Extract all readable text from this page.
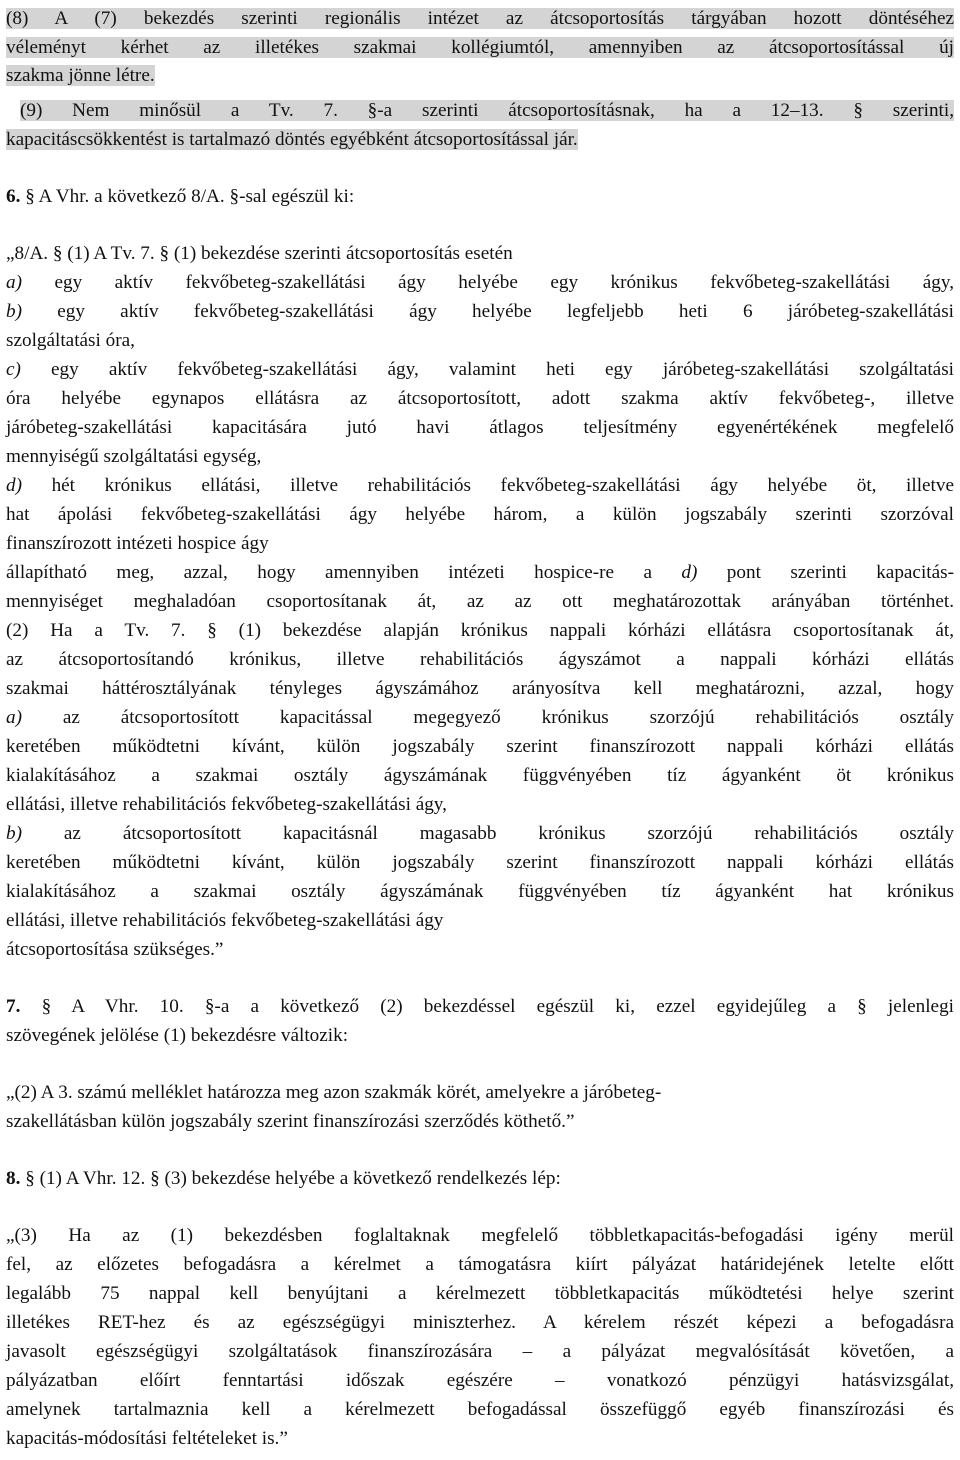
(8) A (7) bekezdés szerinti regionális intézet az átcsoportosítás tárgyában hozott döntéséhez
véleményt kérhet az illetékes szakmai kollégiumtól, amennyiben az átcsoportosítással új
szakma jönne létre.
(9) Nem minősül a Tv. 7. §-a szerinti átcsoportosításnak, ha a 12–13. § szerinti,
kapacitáscsökkentést is tartalmazó döntés egyébként átcsoportosítással jár.
6. § A Vhr. a következő 8/A. §-sal egészül ki:
„8/A. § (1) A Tv. 7. § (1) bekezdése szerinti átcsoportosítás esetén
a) egy aktív fekvőbeteg-szakellátási ágy helyébe egy krónikus fekvőbeteg-szakellátási ágy,
b) egy aktív fekvőbeteg-szakellátási ágy helyébe legfeljebb heti 6 járóbeteg-szakellátási
szolgáltatási óra,
c) egy aktív fekvőbeteg-szakellátási ágy, valamint heti egy járóbeteg-szakellátási szolgáltatási
óra helyébe egynapos ellátásra az átcsoportosított, adott szakma aktív fekvőbeteg-, illetve
járóbeteg-szakellátási kapacitására jutó havi átlagos teljesítmény egyenértékének megfelelő
mennyiségű szolgáltatási egység,
d) hét krónikus ellátási, illetve rehabilitációs fekvőbeteg-szakellátási ágy helyébe öt, illetve
hat ápolási fekvőbeteg-szakellátási ágy helyébe három, a külön jogszabály szerinti szorzóval
finanszírozott intézeti hospice ágy
állapítható meg, azzal, hogy amennyiben intézeti hospice-re a d) pont szerinti kapacitás-
mennyiséget meghaladóan csoportosítanak át, az az ott meghatározottak arányában történhet.
(2) Ha a Tv. 7. § (1) bekezdése alapján krónikus nappali kórházi ellátásra csoportosítanak át,
az átcsoportosítandó krónikus, illetve rehabilitációs ágyszámot a nappali kórházi ellátás
szakmai háttérosztályának tényleges ágyszámához arányosítva kell meghatározni, azzal, hogy
a) az átcsoportosított kapacitással megegyező krónikus szorzójú rehabilitációs osztály
keretében működtetni kívánt, külön jogszabály szerint finanszírozott nappali kórházi ellátás
kialakításához a szakmai osztály ágyszámának függvényében tíz ágyanként öt krónikus
ellátási, illetve rehabilitációs fekvőbeteg-szakellátási ágy,
b) az átcsoportosított kapacitásnál magasabb krónikus szorzójú rehabilitációs osztály
keretében működtetni kívánt, külön jogszabály szerint finanszírozott nappali kórházi ellátás
kialakításához a szakmai osztály ágyszámának függvényében tíz ágyanként hat krónikus
ellátási, illetve rehabilitációs fekvőbeteg-szakellátási ágy
átcsoportosítása szükséges.”
7. § A Vhr. 10. §-a a következő (2) bekezdéssel egészül ki, ezzel egyidejűleg a § jelenlegi
szövegének jelölése (1) bekezdésre változik:
„(2) A 3. számú melléklet határozza meg azon szakmák körét, amelyekre a járóbeteg-
szakellátásban külön jogszabály szerint finanszírozási szerződés köthető.”
8. § (1) A Vhr. 12. § (3) bekezdése helyébe a következő rendelkezés lép:
„(3) Ha az (1) bekezdésben foglaltaknak megfelelő többletkapacitás-befogadási igény merül
fel, az előzetes befogadásra a kérelmet a támogatásra kiírt pályázat határidejének letelte előtt
legalább 75 nappal kell benyújtani a kérelmezett többletkapacitás működtetési helye szerint
illetékes RET-hez és az egészségügyi miniszterhez. A kérelem részét képezi a befogadásra
javasolt egészségügyi szolgáltatások finanszírozására – a pályázat megvalósítását követően, a
pályázatban előírt fenntartási időszak egészére – vonatkozó pénzügyi hatásvizsgálat,
amelynek tartalmaznia kell a kérelmezett befogadással összefüggő egyéb finanszírozási és
kapacitás-módosítási feltételeket is.”
